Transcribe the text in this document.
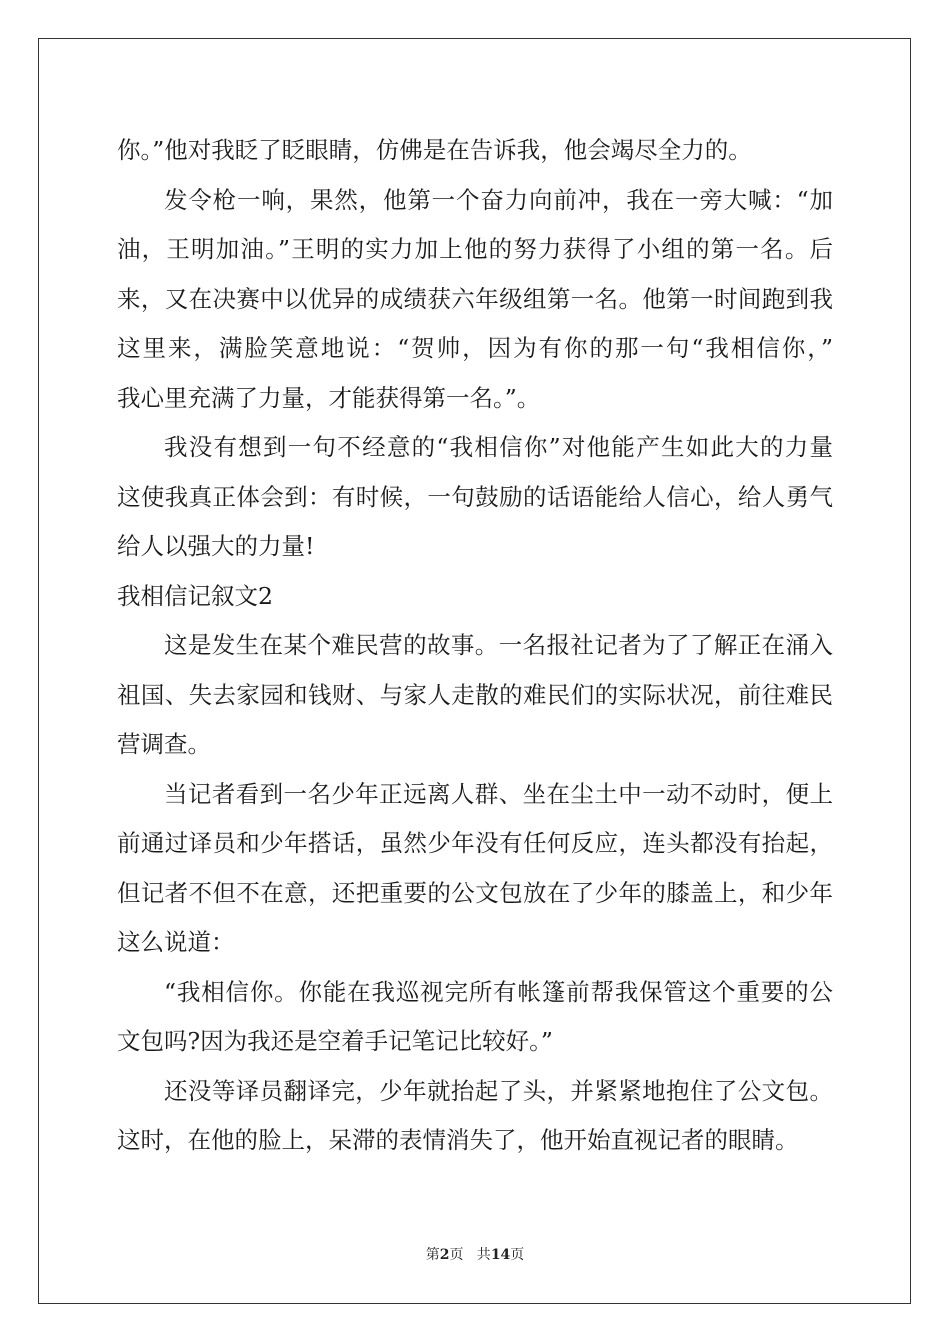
你。”他对我眨了眨眼睛，仿佛是在告诉我，他会竭尽全力的。
发令枪一响，果然，他第一个奋力向前冲，我在一旁大喊：“加
油，王明加油。”王明的实力加上他的努力获得了小组的第一名。后
来，又在决赛中以优异的成绩获六年级组第一名。他第一时间跑到我
这里来，满脸笑意地说：“贺帅，因为有你的那一句“我相信你，”
我心里充满了力量，才能获得第一名。”。
我没有想到一句不经意的“我相信你”对他能产生如此大的力量
这使我真正体会到：有时候，一句鼓励的话语能给人信心，给人勇气
给人以强大的力量!
我相信记叙文2
这是发生在某个难民营的故事。一名报社记者为了了解正在涌入
祖国、失去家园和钱财、与家人走散的难民们的实际状况，前往难民
营调查。
当记者看到一名少年正远离人群、坐在尘土中一动不动时，便上
前通过译员和少年搭话，虽然少年没有任何反应，连头都没有抬起，
但记者不但不在意，还把重要的公文包放在了少年的膝盖上，和少年
这么说道：
“我相信你。你能在我巡视完所有帐篷前帮我保管这个重要的公
文包吗?因为我还是空着手记笔记比较好。”
还没等译员翻译完，少年就抬起了头，并紧紧地抱住了公文包。
这时，在他的脸上，呆滞的表情消失了，他开始直视记者的眼睛。
第2页   共14页
